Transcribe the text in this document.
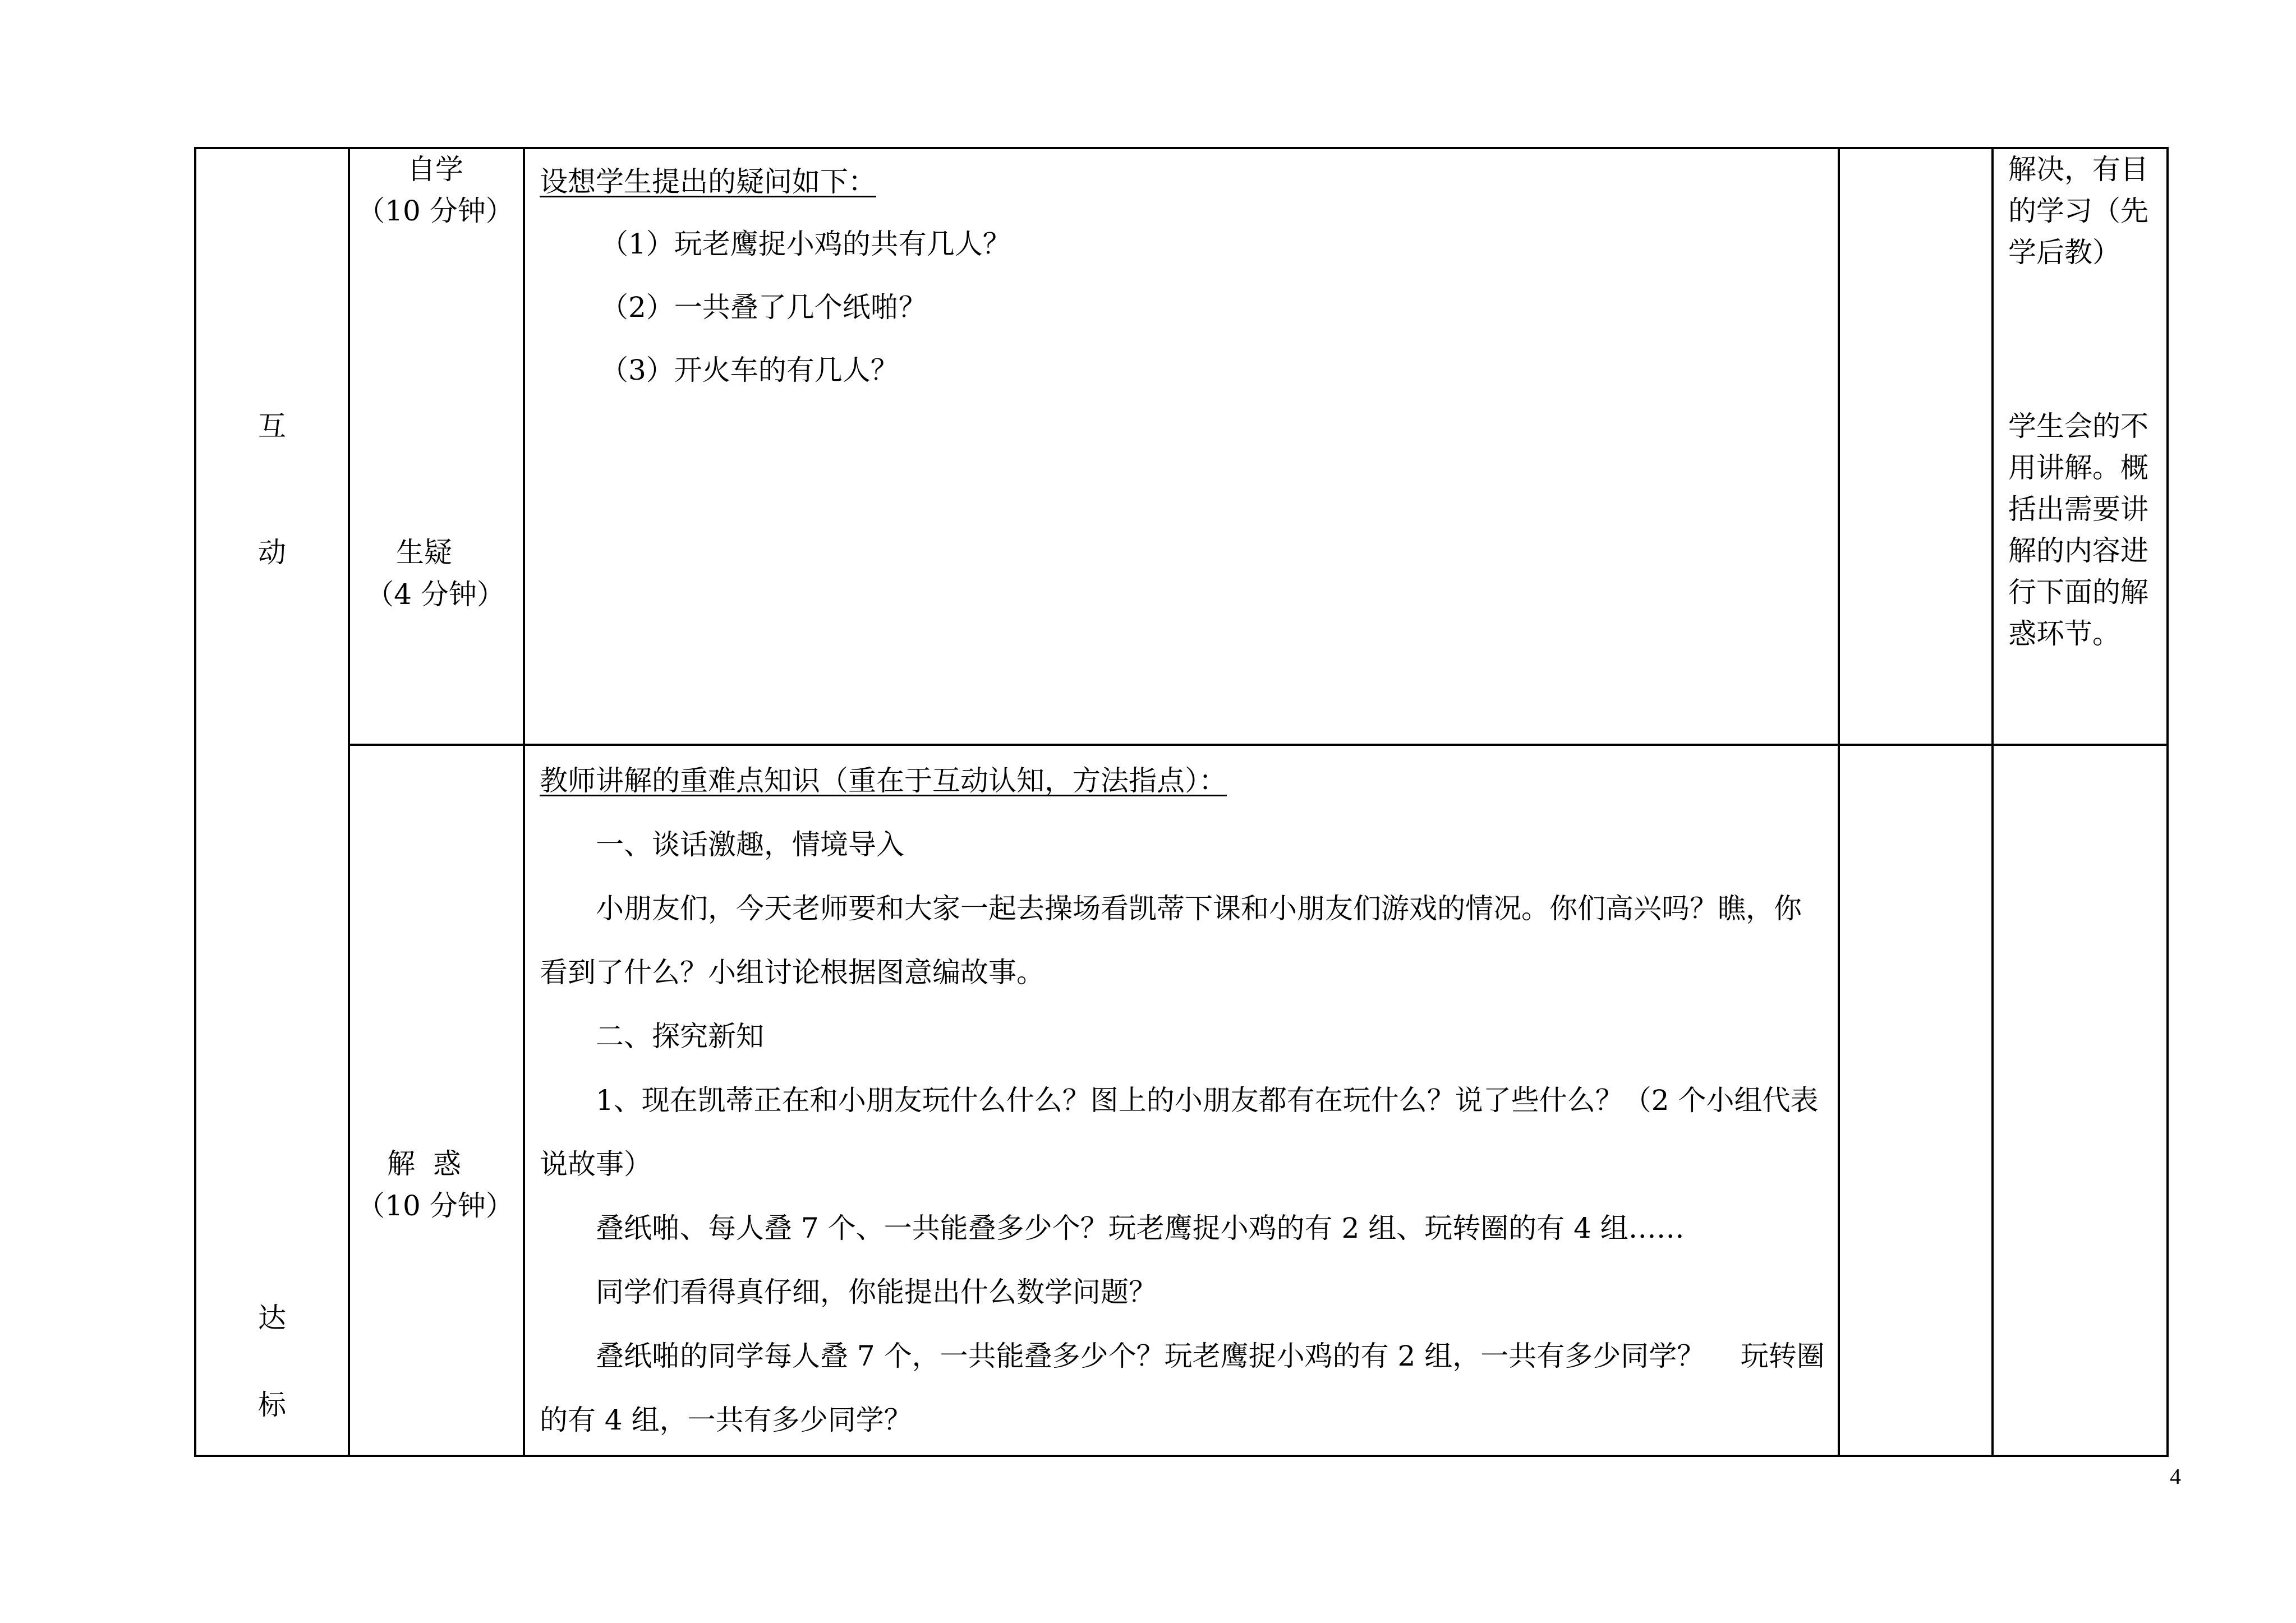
互
动
达
标
自学
（10 分钟）
生疑
（4 分钟）
设想学生提出的疑问如下：
（1）玩老鹰捉小鸡的共有几人？
（2）一共叠了几个纸啪？
（3）开火车的有几人？
解决，有目
的学习（先
学后教）
学生会的不
用讲解。概
括出需要讲
解的内容进
行下面的解
惑环节。
解  惑
（10 分钟）
教师讲解的重难点知识（重在于互动认知，方法指点）：
一、谈话激趣，情境导入
小朋友们，今天老师要和大家一起去操场看凯蒂下课和小朋友们游戏的情况。你们高兴吗？瞧，你
看到了什么？小组讨论根据图意编故事。
二、探究新知
1、现在凯蒂正在和小朋友玩什么什么？图上的小朋友都有在玩什么？说了些什么？（2 个小组代表
说故事）
叠纸啪、每人叠 7 个、一共能叠多少个？玩老鹰捉小鸡的有 2 组、玩转圈的有 4 组……
同学们看得真仔细，你能提出什么数学问题？
叠纸啪的同学每人叠 7 个，一共能叠多少个？玩老鹰捉小鸡的有 2 组，一共有多少同学？    玩转圈
的有 4 组，一共有多少同学？
4
